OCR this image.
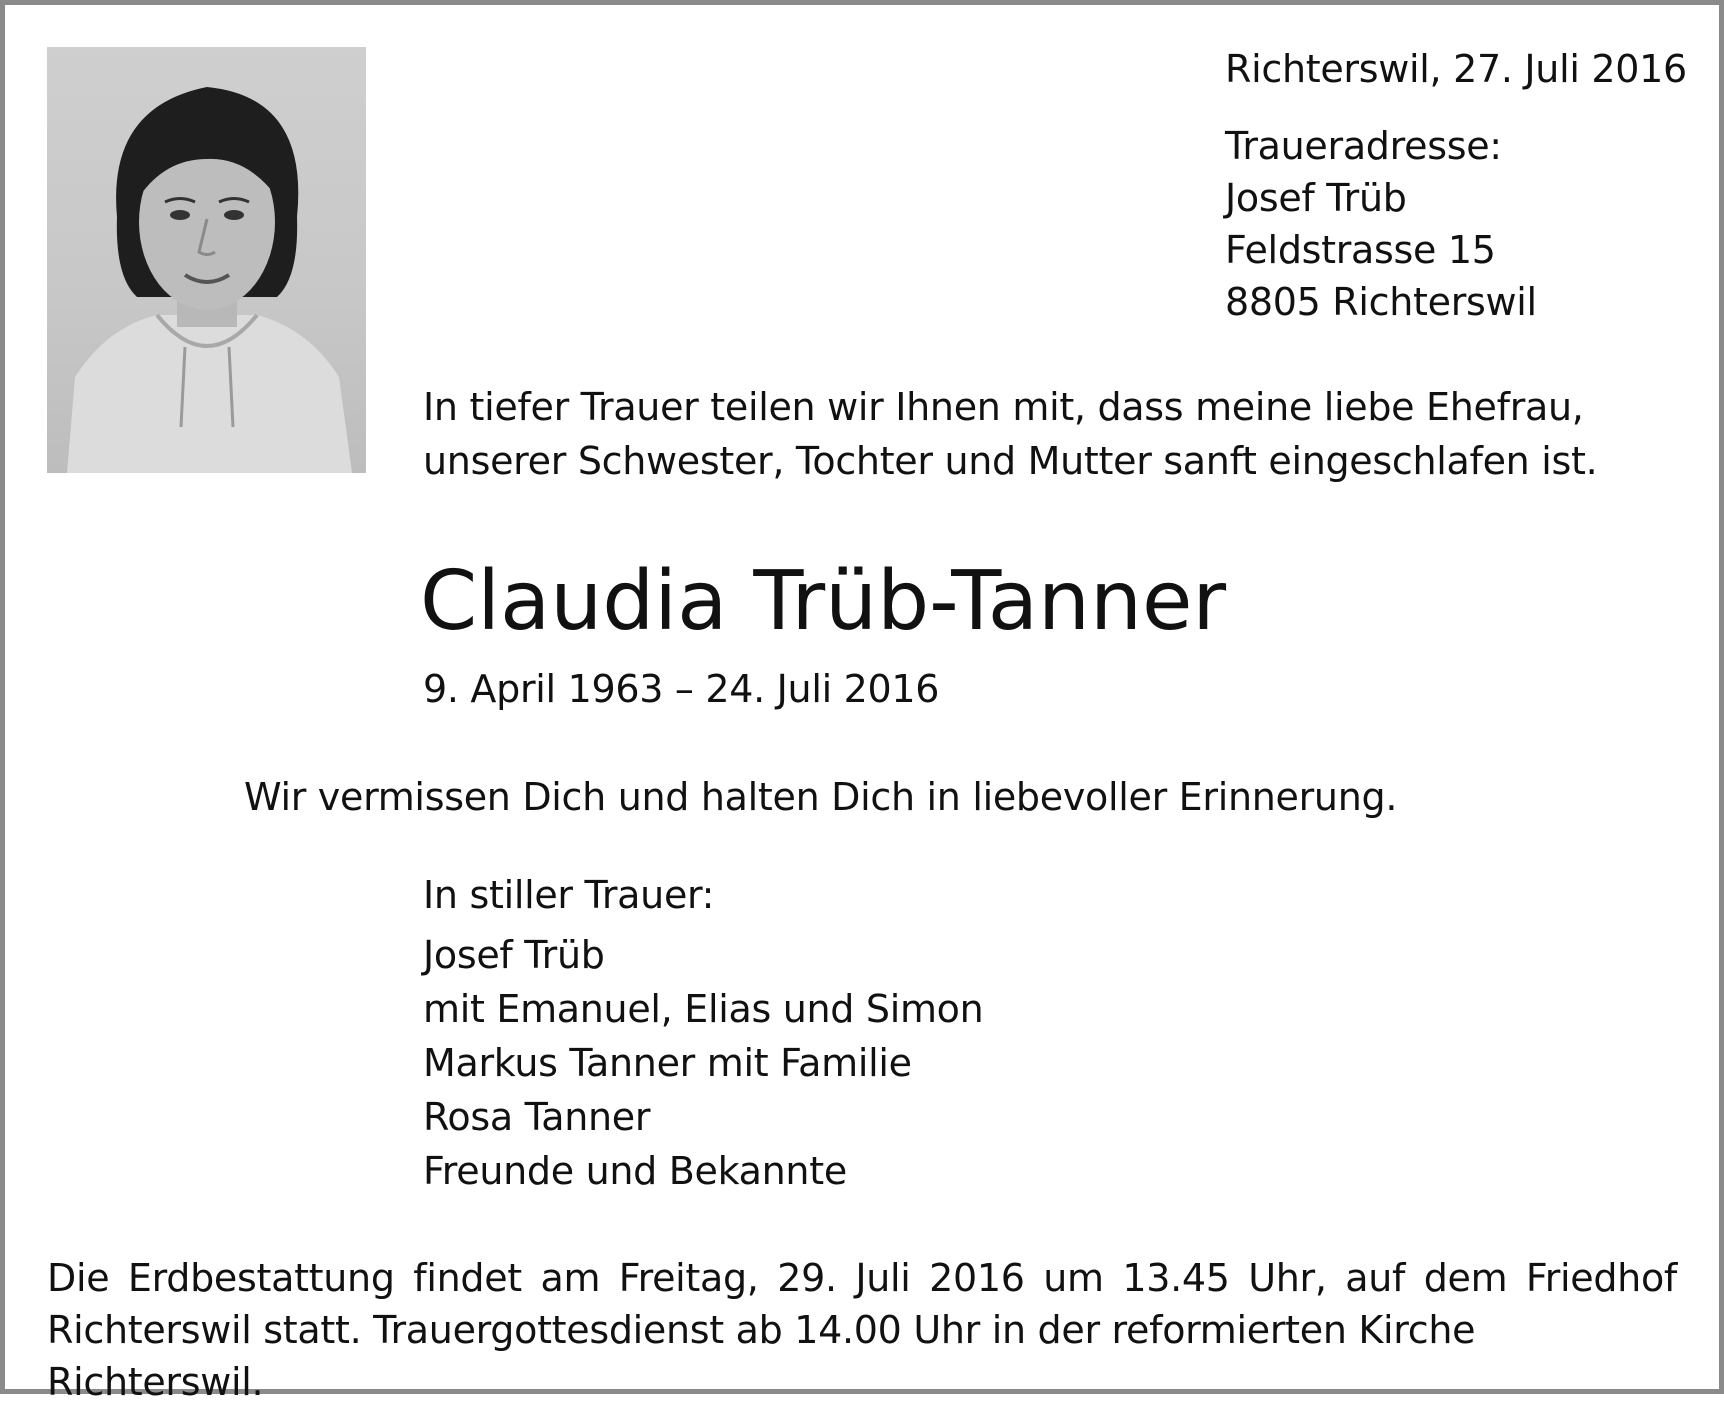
Richterswil, 27. Juli 2016
Traueradresse:
Josef Trüb
Feldstrasse 15
8805 Richterswil
In tiefer Trauer teilen wir Ihnen mit, dass meine liebe Ehefrau,
unserer Schwester, Tochter und Mutter sanft eingeschlafen ist.
Claudia Trüb-Tanner
9. April 1963 – 24. Juli 2016
Wir vermissen Dich und halten Dich in liebevoller Erinnerung.
In stiller Trauer:
Josef Trüb
mit Emanuel, Elias und Simon
Markus Tanner mit Familie
Rosa Tanner
Freunde und Bekannte
Die Erdbestattung findet am Freitag, 29. Juli 2016 um 13.45 Uhr, auf dem Friedhof
Richterswil statt. Trauergottesdienst ab 14.00 Uhr in der reformierten Kirche Richterswil.
